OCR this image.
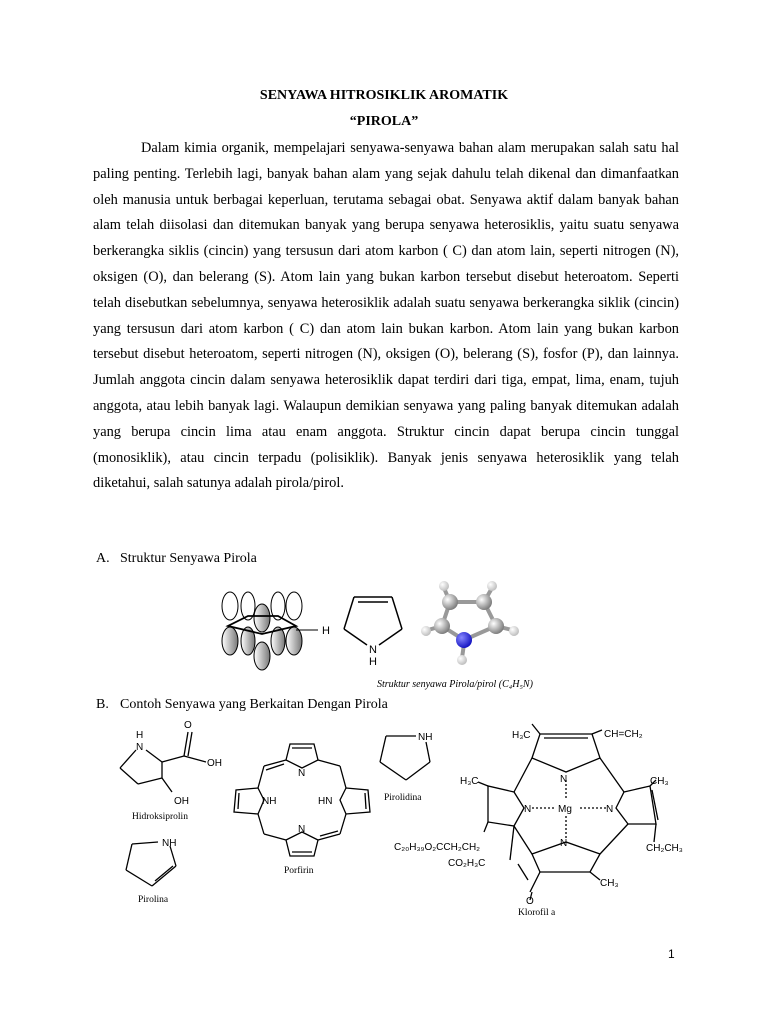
SENYAWA HITROSIKLIK AROMATIK
“PIROLA”
Dalam kimia organik, mempelajari senyawa-senyawa bahan alam merupakan salah satu hal paling penting. Terlebih lagi, banyak bahan alam yang sejak dahulu telah dikenal dan dimanfaatkan oleh manusia untuk berbagai keperluan, terutama sebagai obat. Senyawa aktif dalam banyak bahan alam telah diisolasi dan ditemukan banyak yang berupa senyawa heterosiklis, yaitu suatu senyawa berkerangka siklis (cincin) yang tersusun dari atom karbon ( C) dan atom lain, seperti nitrogen (N), oksigen (O), dan belerang (S). Atom lain yang bukan karbon tersebut disebut heteroatom. Seperti telah disebutkan sebelumnya, senyawa heterosiklik adalah suatu senyawa berkerangka siklik (cincin) yang tersusun dari atom karbon ( C) dan atom lain bukan karbon. Atom lain yang bukan karbon tersebut disebut heteroatom, seperti nitrogen (N), oksigen (O), belerang (S), fosfor (P), dan lainnya. Jumlah anggota cincin dalam senyawa heterosiklik dapat terdiri dari tiga, empat, lima, enam, tujuh anggota, atau lebih banyak lagi. Walaupun demikian senyawa yang paling banyak ditemukan adalah yang berupa cincin lima atau enam anggota. Struktur cincin dapat berupa cincin tunggal (monosiklik), atau cincin terpadu (polisiklik). Banyak jenis senyawa heterosiklik yang telah diketahui, salah satunya adalah pirola/pirol.
A. Struktur Senyawa Pirola
H
N
H
Struktur senyawa Pirola/pirol (C₄H₅N)
B. Contoh Senyawa yang Berkaitan Dengan Pirola
O
OH
OH
H
N
Hidroksiprolin
NH
Pirolina
N
N
NH	HN
Porfirin
NH
Pirolidina
H₃C	CH=CH₂
H₃C	CH₃
N
Mg
N	N
N	CH₂CH₃
C₂₀H₃₉O₂CCH₂CH₂
CO₂H₃C
CH₃
O
Klorofil a
1
